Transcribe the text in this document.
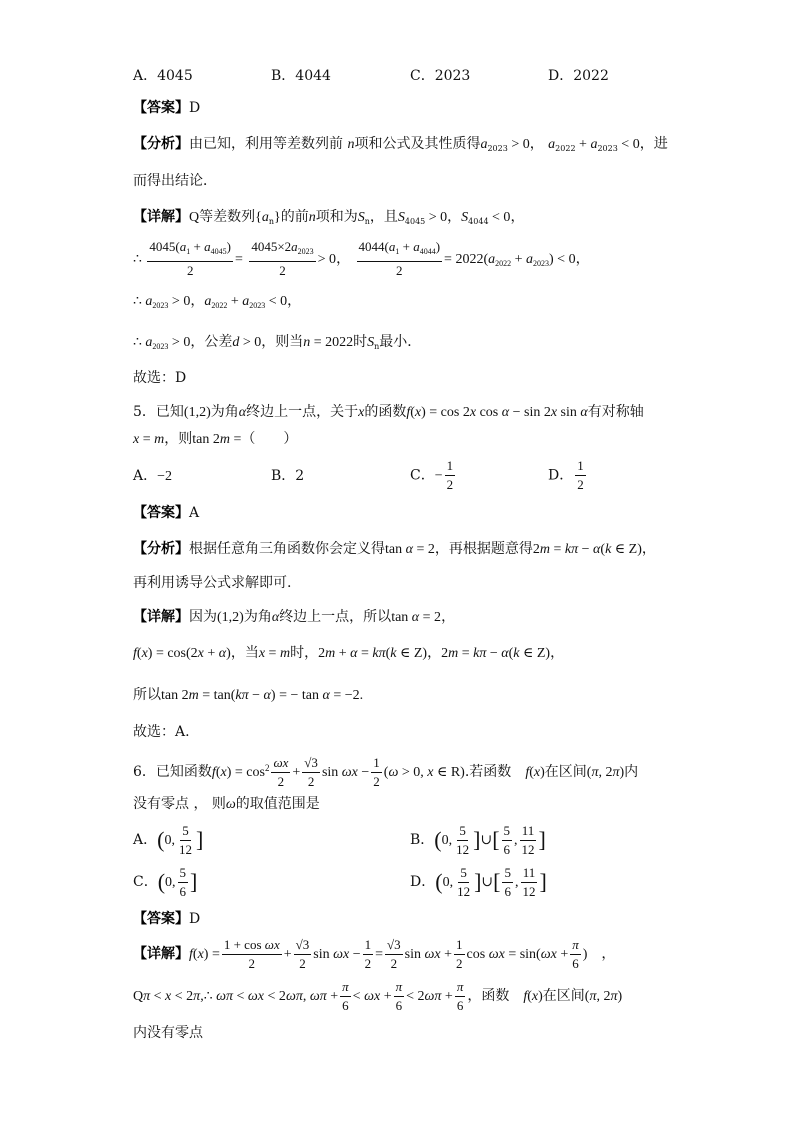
A．4045	B．4044	C．2023	D．2022
【答案】D
【分析】由已知，利用等差数列前 n项和公式及其性质得$a_{2023} > 0$， $a_{2022} + a_{2023} < 0$，进
而得出结论．
【详解】Q等差数列$\{a_n\}$的前n项和为$S_n$，且$S_{4045} > 0$，$S_{4044} < 0$，
∴ $\frac{4045(a_1 + a_{4045})}{2} = \frac{4045\times 2a_{2023}}{2} > 0$， $\frac{4044(a_1 + a_{4044})}{2} = 2022(a_{2022} + a_{2023}) < 0$，
∴ $a_{2023} > 0$，$a_{2022} + a_{2023} < 0$，
∴ $a_{2023} > 0$，公差d > 0，则当n = 2022时$S_n$最小．
故选：D
5．已知(1,2)为角α终边上一点，关于x的函数f(x) = cos 2x cos α − sin 2x sin α有对称轴
x = m，则tan 2m =（　　）
A．−2	B．2	C．− $\frac{1}{2}$	D． $\frac{1}{2}$
【答案】A
【分析】根据任意角三角函数你会定义得tan α = 2，再根据题意得2m = kπ − α(k ∈ Z)，
再利用诱导公式求解即可.
【详解】因为(1,2)为角α终边上一点，所以tan α = 2，
f(x) = cos(2x + α)，当x = m时，2m + α = kπ(k ∈ Z)，2m = kπ − α(k ∈ Z)，
所以tan 2m = tan(kπ − α) = − tan α = −2.
故选：A.
6．已知函数$f(x) = \cos^2 \frac{\omega x}{2} + \frac{√3}{2}$ $\sin \omega x - \frac{1}{2} (\omega > 0$, x ∈ R).若函数　 f(x)在区间(π, 2π)内
没有零点 ， 则ω的取值范围是
A．(0, $\frac{5}{12}$ ]	B．(0, $\frac{5}{12}$ ]∪[ $\frac{5}{6}$ , $\frac{11}{12}$ ]
C．(0, $\frac{5}{6}$ ]	D．(0, $\frac{5}{12}$ ]∪[ $\frac{5}{6}$ , $\frac{11}{12}$ ]
【答案】D
【详解】$f(x) = \frac{\text{1 + cos ωx}}{2} + \frac{√3}{2}$ $\sin \omega x - \frac{1}{2} = \frac{√3}{2}$ $\sin \omega x + \frac{1}{2}$ $\cos \omega x = \sin(\omega x + \frac{\pi}{6}$ )　，
Qπ < x < 2π,∴ ωπ < ωx < 2ωπ, $\omega\pi + \frac{\pi}{6} < \omega x + \frac{\pi}{6} < 2\omega\pi + \frac{\pi}{6}$ ，函数　 f(x)在区间(π, 2π)
内没有零点
